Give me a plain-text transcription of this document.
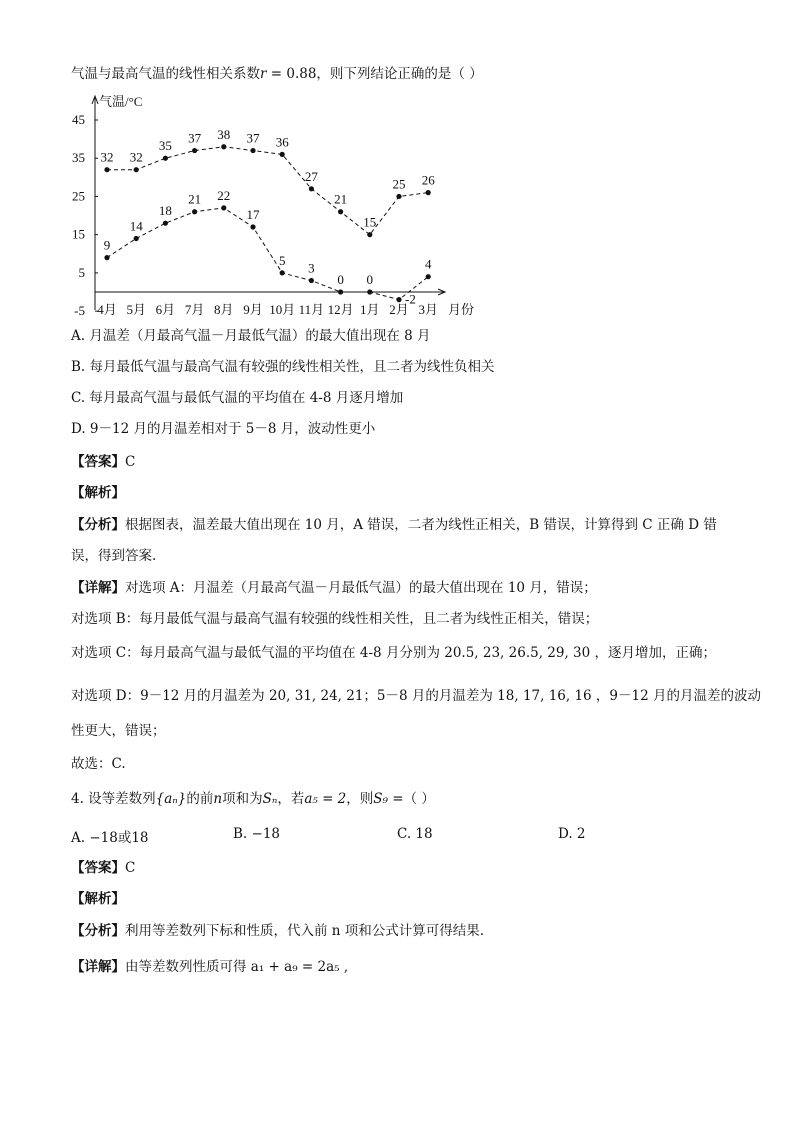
气温与最高气温的线性相关系数r = 0.88，则下列结论正确的是（ ）
气温/°C
45
35
25
15
5
-5 4月 5月 6月 7月 8月 9月 10月 11月 12月 1月 2月 3月 月份
32 32
35
37 38 37 36
27
21
15
25 26
9
14
18
21 22
17
5
3
0 0
-2
4
A. 月温差（月最高气温－月最低气温）的最大值出现在 8 月
B. 每月最低气温与最高气温有较强的线性相关性，且二者为线性负相关
C. 每月最高气温与最低气温的平均值在 4-8 月逐月增加
D. 9－12 月的月温差相对于 5－8 月，波动性更小
【答案】C
【解析】
【分析】根据图表，温差最大值出现在 10 月，A 错误，二者为线性正相关，B 错误，计算得到 C 正确 D 错
误，得到答案.
【详解】对选项 A：月温差（月最高气温－月最低气温）的最大值出现在 10 月，错误；
对选项 B：每月最低气温与最高气温有较强的线性相关性，且二者为线性正相关，错误；
对选项 C：每月最高气温与最低气温的平均值在 4-8 月分别为 20.5, 23, 26.5, 29, 30 ，逐月增加，正确；
对选项 D：9－12 月的月温差为 20, 31, 24, 21；5－8 月的月温差为 18, 17, 16, 16 ，9－12 月的月温差的波动
性更大，错误；
故选：C.
4. 设等差数列{aₙ}的前n项和为Sₙ，若a₅ = 2，则S₉ =（ ）
A. −18或18	B. −18	C. 18	D. 2
【答案】C
【解析】
【分析】利用等差数列下标和性质，代入前 n 项和公式计算可得结果.
【详解】由等差数列性质可得 a₁ + a₉ = 2a₅ ,
